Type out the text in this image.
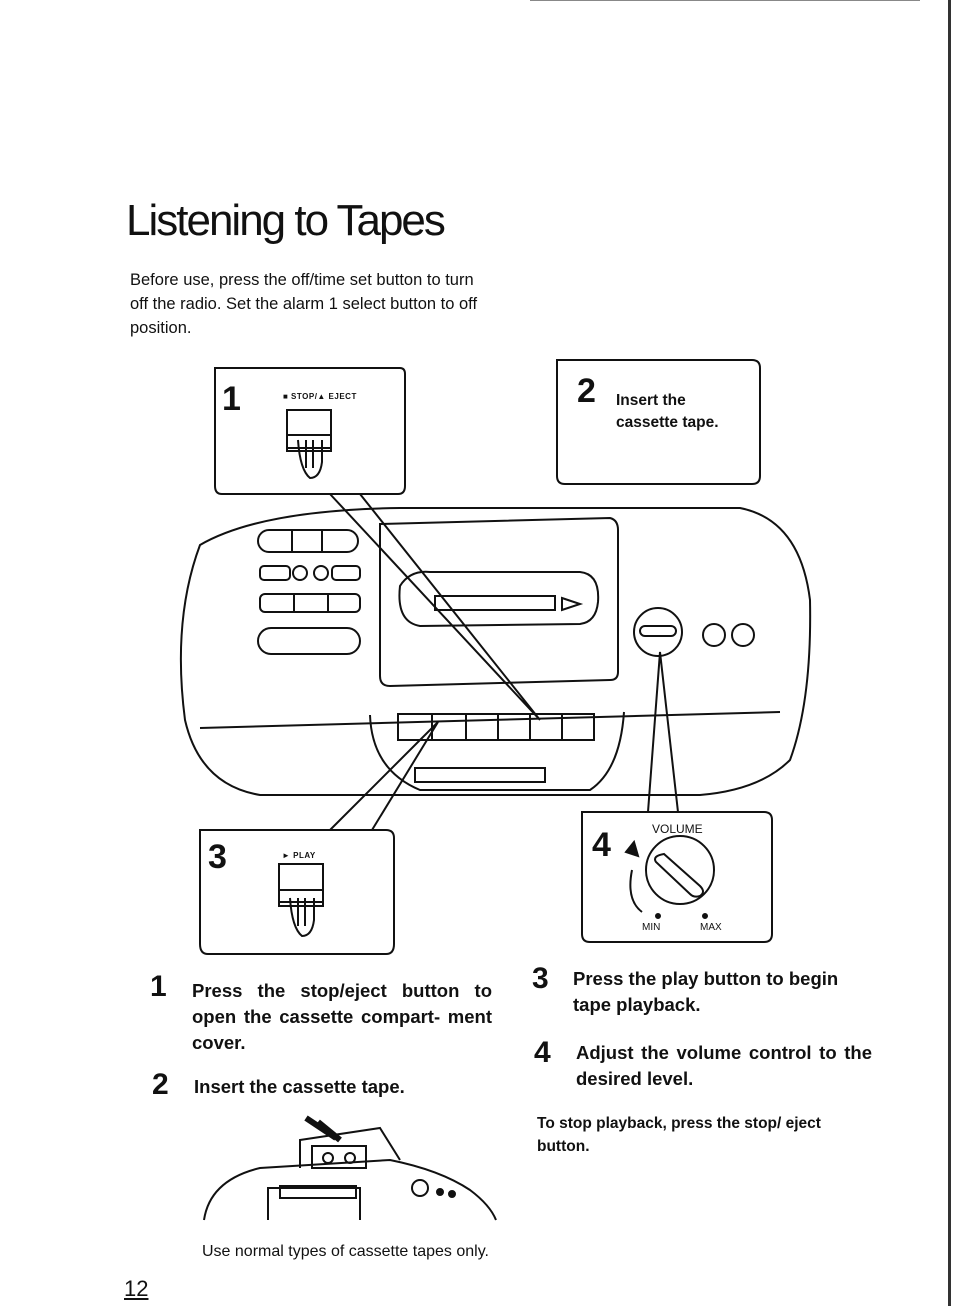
Listening to Tapes
Before use, press the off/time set button to turn off the radio. Set the alarm 1 select button to off position.
1	■ STOP/▲ EJECT	2 Insert the cassette tape.
3	► PLAY	4	VOLUME
MIN	MAX
1 Press the stop/eject button to open the cassette compart- ment cover.
2 Insert the cassette tape.
3 Press the play button to begin tape playback.
4 Adjust the volume control to the desired level.
To stop playback, press the stop/ eject button.
Use normal types of cassette tapes only.
12
